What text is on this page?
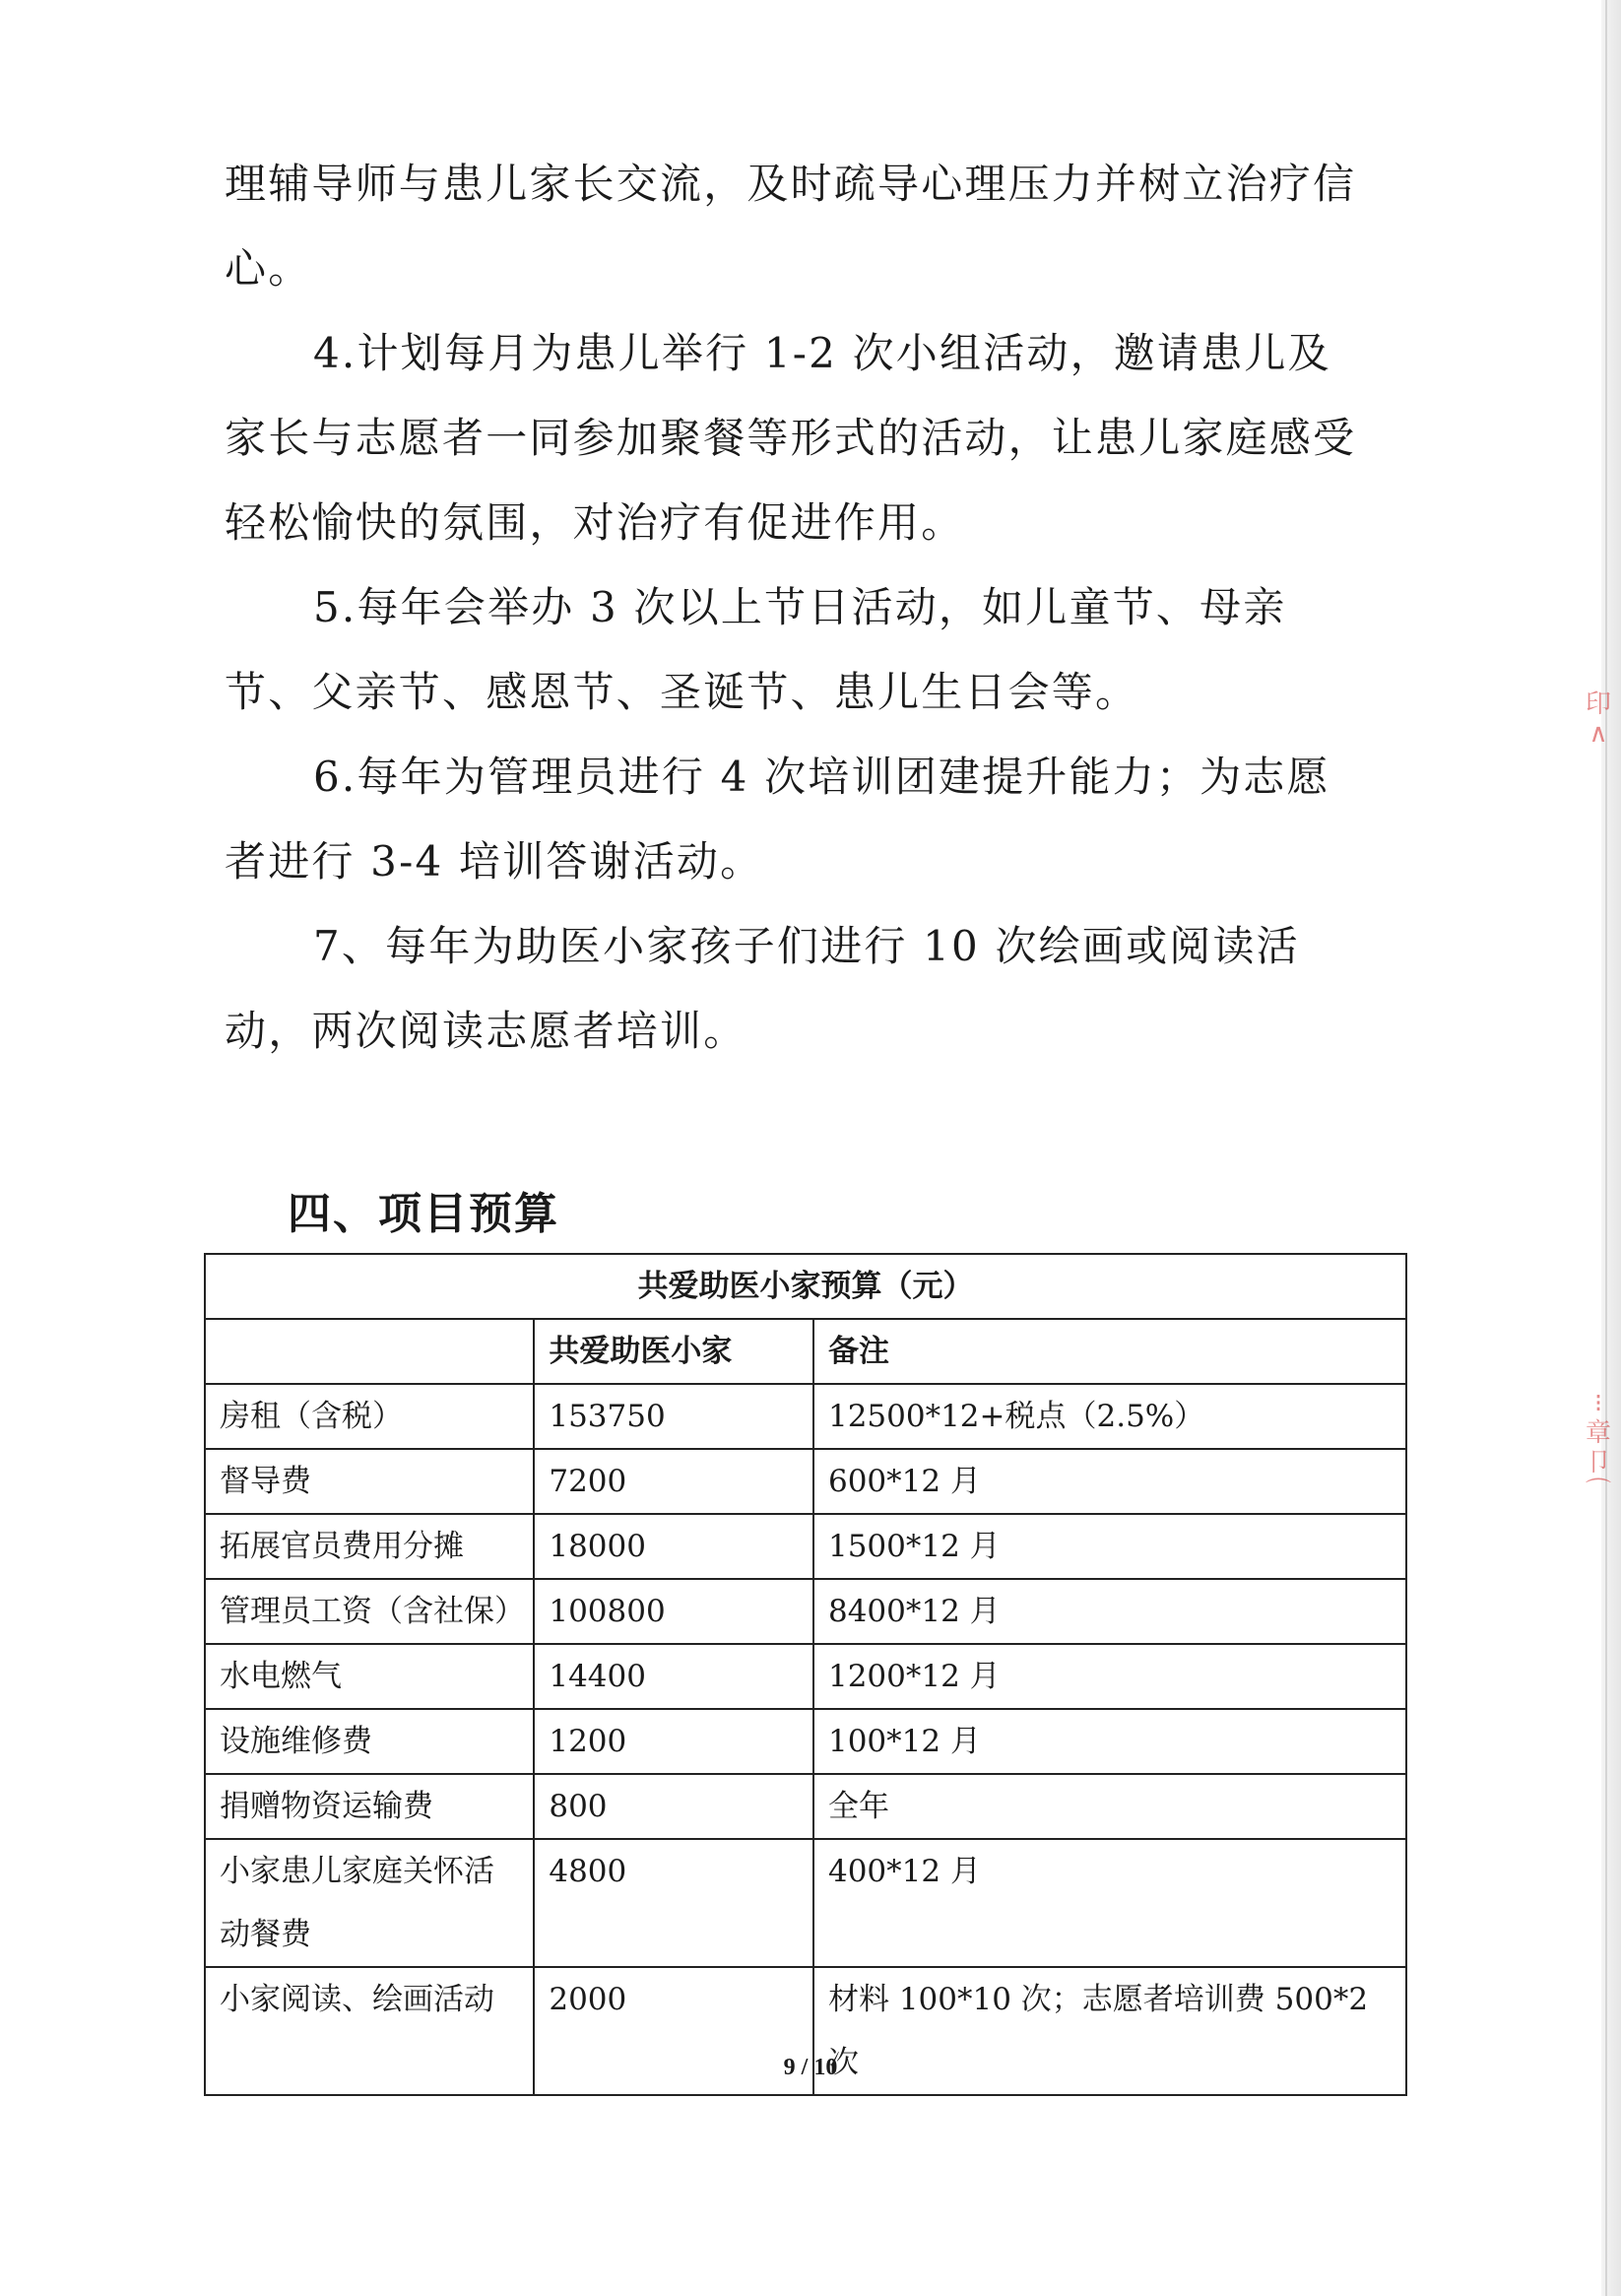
印
∧
⁝
章
卩
⌒

理辅导师与患儿家长交流，及时疏导心理压力并树立治疗信心。

4.计划每月为患儿举行 1-2 次小组活动，邀请患儿及家长与志愿者一同参加聚餐等形式的活动，让患儿家庭感受轻松愉快的氛围，对治疗有促进作用。

5.每年会举办 3 次以上节日活动，如儿童节、母亲节、父亲节、感恩节、圣诞节、患儿生日会等。

6.每年为管理员进行 4 次培训团建提升能力；为志愿者进行 3-4 培训答谢活动。

7、每年为助医小家孩子们进行 10 次绘画或阅读活动，两次阅读志愿者培训。

四、项目预算
共爱助医小家预算（元）		
	共爱助医小家	备注
房租（含税）	153750	12500*12+税点（2.5%）
督导费	7200	600*12 月
拓展官员费用分摊	18000	1500*12 月
管理员工资（含社保）	100800	8400*12 月
水电燃气	14400	1200*12 月
设施维修费	1200	100*12 月
捐赠物资运输费	800	全年
小家患儿家庭关怀活动餐费	4800	400*12 月
小家阅读、绘画活动	2000	材料 100*10 次；志愿者培训费 500*2 次
9 / 10
